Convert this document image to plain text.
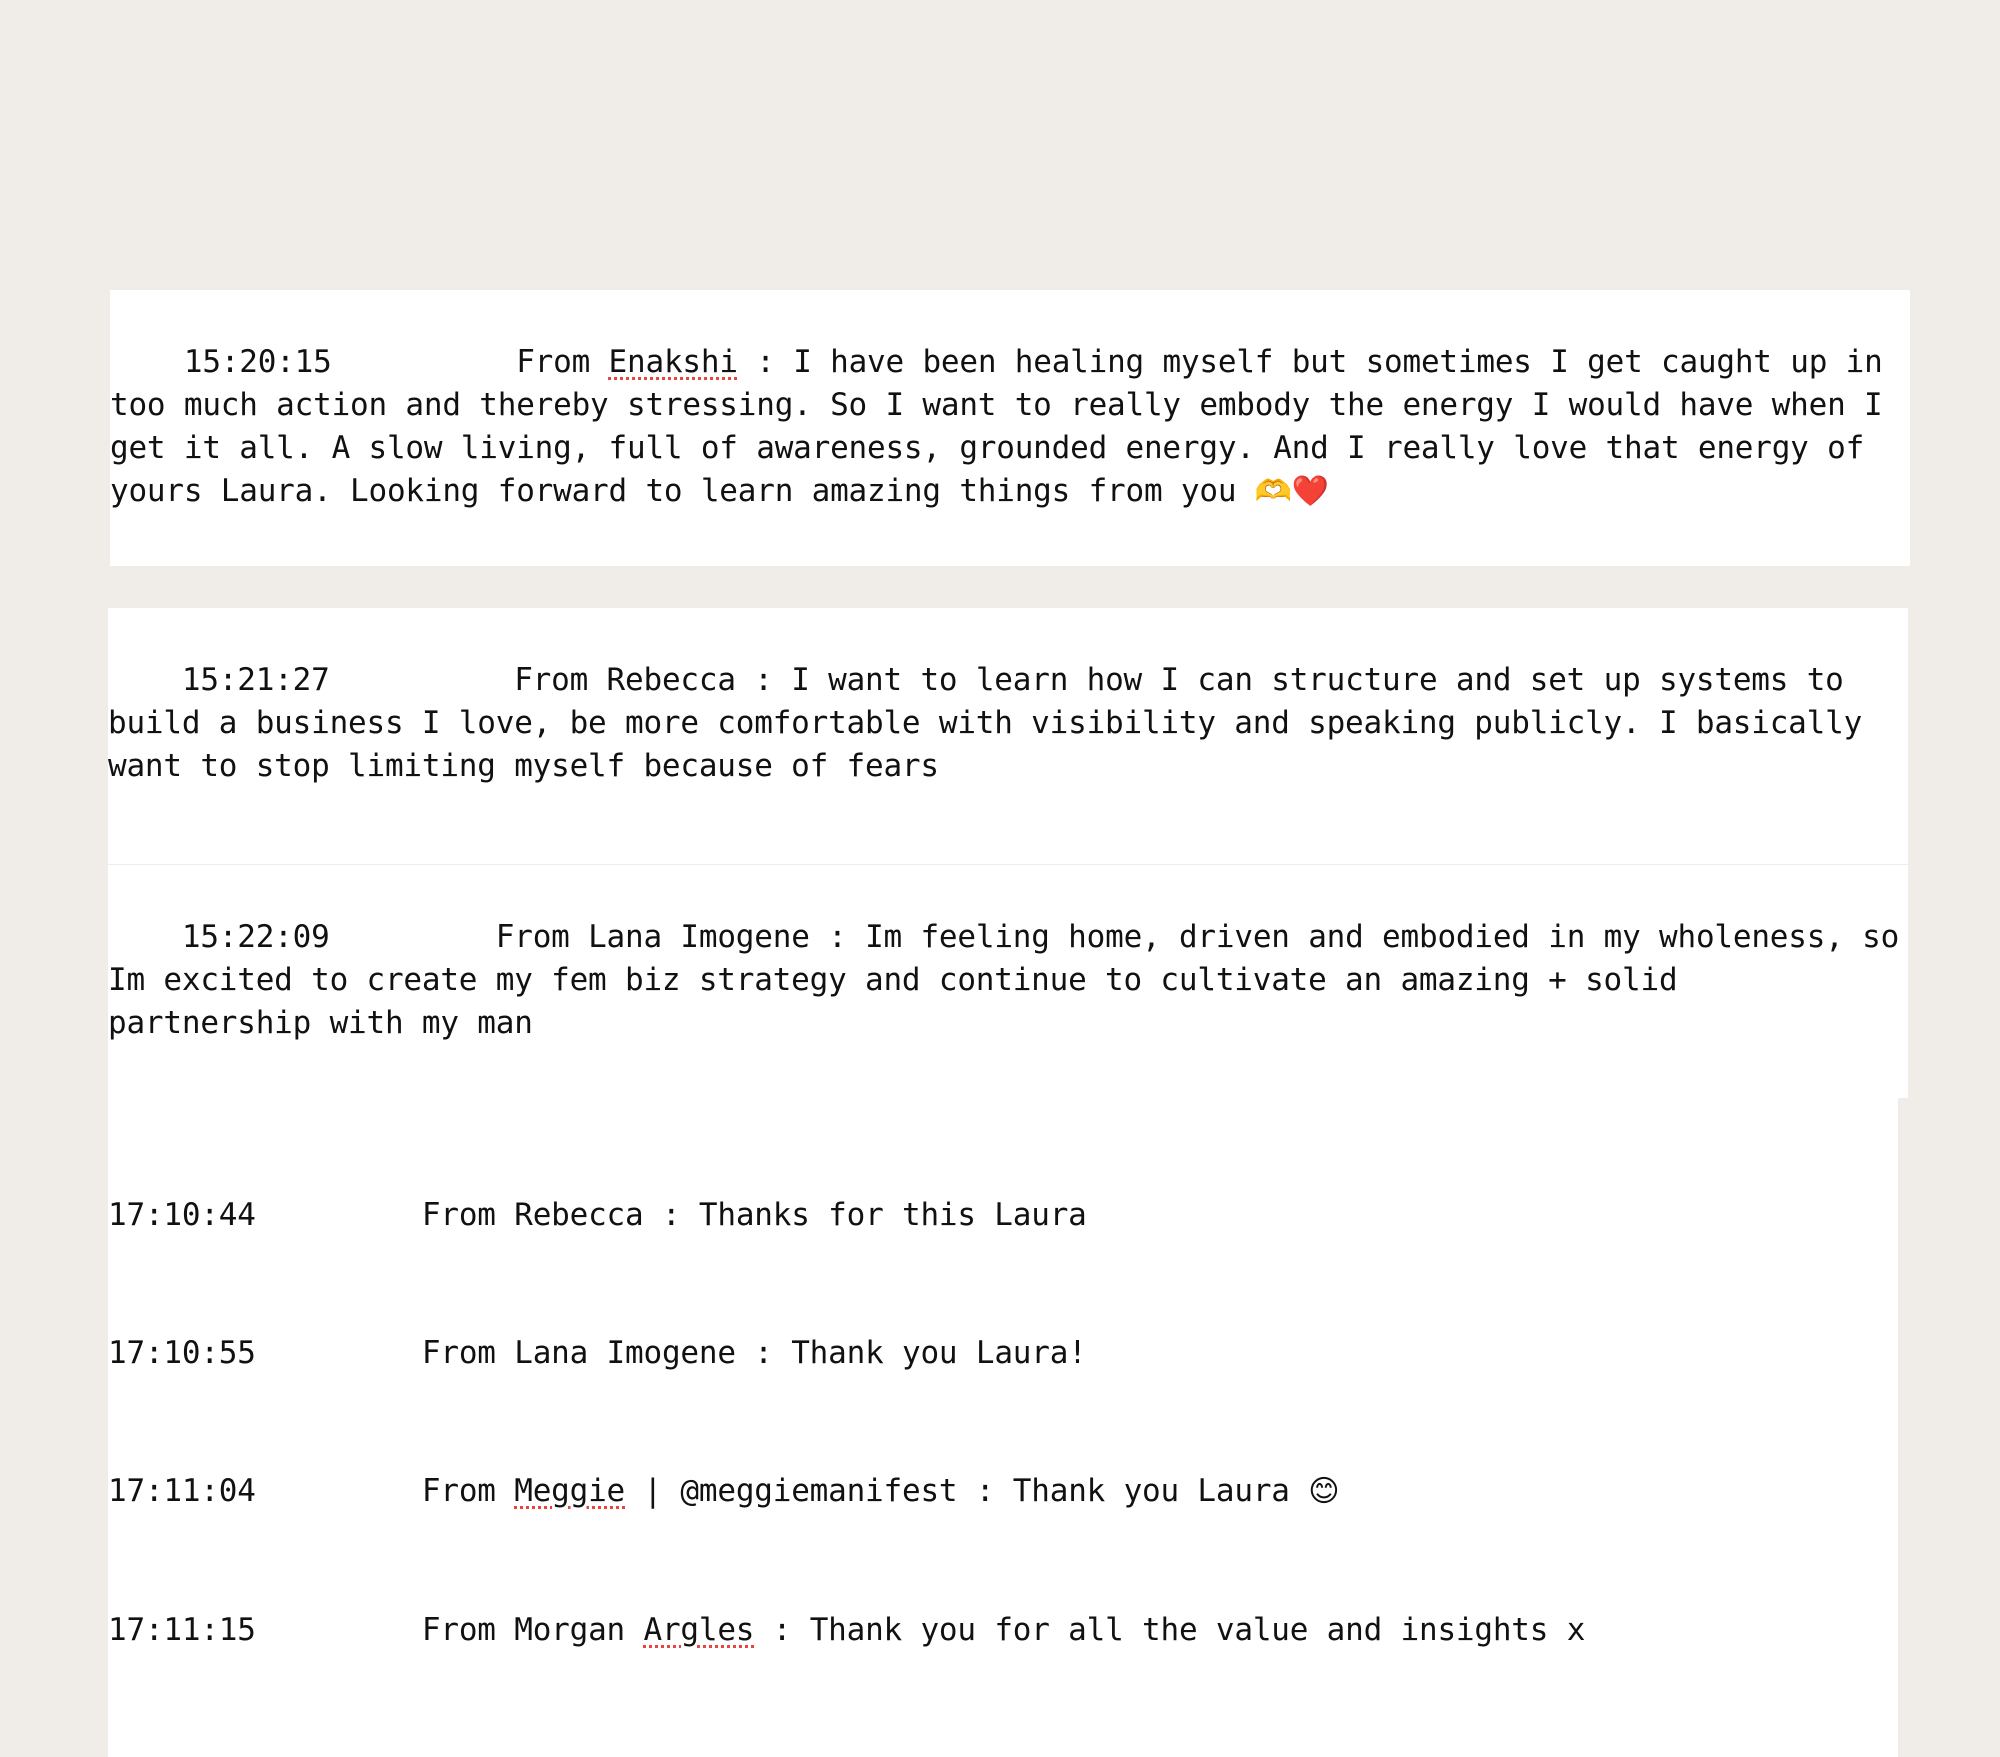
15:20:15	From Enakshi : I have been healing myself but sometimes I get caught up in too much action and thereby stressing. So I want to really embody the energy I would have when I get it all. A slow living, full of awareness, grounded energy. And I really love that energy of yours Laura. Looking forward to learn amazing things from you 🫶❤️

15:21:27	From Rebecca : I want to learn how I can structure and set up systems to build a business I love, be more comfortable with visibility and speaking publicly. I basically want to stop limiting myself because of fears

15:22:09	From Lana Imogene : Im feeling home, driven and embodied in my wholeness, so Im excited to create my fem biz strategy and continue to cultivate an amazing + solid  partnership with my man

17:10:44	From Rebecca : Thanks for this Laura

17:10:55	From Lana Imogene : Thank you Laura!

17:11:04	From Meggie | @meggiemanifest : Thank you Laura 😊

17:11:15	From Morgan Argles : Thank you for all the value and insights x
